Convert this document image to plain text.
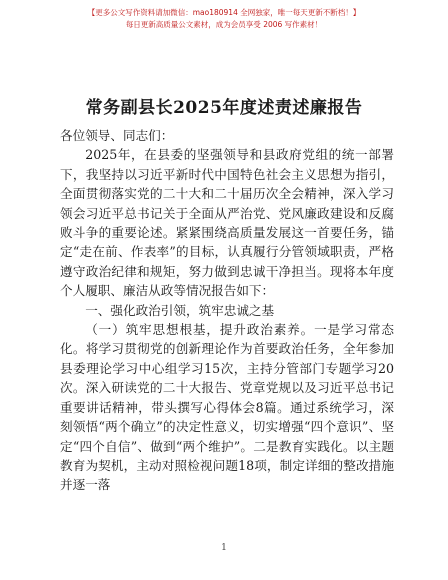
【更多公文写作资料请加微信：mao180914 全网独家，唯一每天更新不断档！】
每日更新高质量公文素材，成为会员享受 2006 写作素材！
常务副县长2025年度述责述廉报告

各位领导、同志们：

2025年，在县委的坚强领导和县政府党组的统一部署下，我坚持以习近平新时代中国特色社会主义思想为指引，全面贯彻落实党的二十大和二十届历次全会精神，深入学习领会习近平总书记关于全面从严治党、党风廉政建设和反腐败斗争的重要论述。紧紧围绕高质量发展这一首要任务，锚定“走在前、作表率”的目标，认真履行分管领域职责，严格遵守政治纪律和规矩，努力做到忠诚干净担当。现将本年度个人履职、廉洁从政等情况报告如下：

一、强化政治引领，筑牢忠诚之基

（一）筑牢思想根基，提升政治素养。一是学习常态化。将学习贯彻党的创新理论作为首要政治任务，全年参加县委理论学习中心组学习15次，主持分管部门专题学习20次。深入研读党的二十大报告、党章党规以及习近平总书记重要讲话精神，带头撰写心得体会8篇。通过系统学习，深刻领悟“两个确立”的决定性意义，切实增强“四个意识”、坚定“四个自信”、做到“两个维护”。二是教育实践化。以主题教育为契机，主动对照检视问题18项，制定详细的整改措施并逐一落

1
